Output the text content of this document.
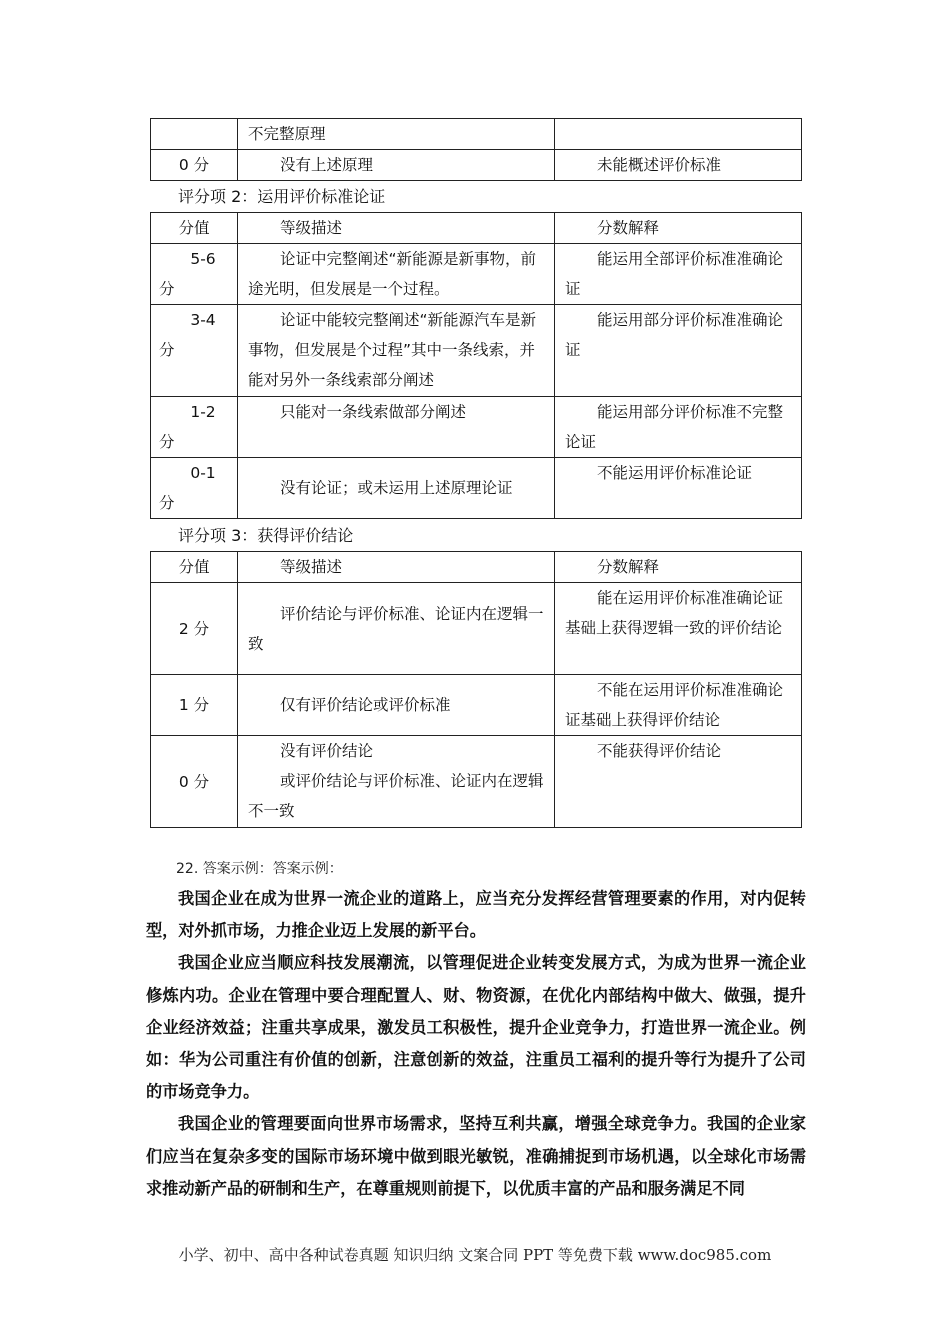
	不完整原理	
0 分	没有上述原理	未能概述评价标准
评分项 2：运用评价标准论证
分值	等级描述	分数解释

5-6
分	论证中完整阐述“新能源是新事物，前途光明，但发展是一个过程。	能运用全部评价标准准确论证

3-4
分	论证中能较完整阐述“新能源汽车是新事物，但发展是个过程”其中一条线索，并能对另外一条线索部分阐述	能运用部分评价标准准确论证

1-2
分	只能对一条线索做部分阐述	能运用部分评价标准不完整论证

0-1
分	没有论证；或未运用上述原理论证	不能运用评价标准论证
评分项 3：获得评价结论
分值	等级描述	分数解释
2 分	评价结论与评价标准、论证内在逻辑一致	能在运用评价标准准确论证基础上获得逻辑一致的评价结论
1 分	仅有评价结论或评价标准	不能在运用评价标准准确论证基础上获得评价结论
0 分	没有评价结论
或评价结论与评价标准、论证内在逻辑不一致	不能获得评价结论
22. 答案示例：答案示例：

我国企业在成为世界一流企业的道路上，应当充分发挥经营管理要素的作用，对内促转型，对外抓市场，力推企业迈上发展的新平台。

我国企业应当顺应科技发展潮流，以管理促进企业转变发展方式，为成为世界一流企业修炼内功。企业在管理中要合理配置人、财、物资源，在优化内部结构中做大、做强，提升企业经济效益；注重共享成果，激发员工积极性，提升企业竞争力，打造世界一流企业。例如：华为公司重注有价值的创新，注意创新的效益，注重员工福利的提升等行为提升了公司的市场竞争力。

我国企业的管理要面向世界市场需求，坚持互利共赢，增强全球竞争力。我国的企业家们应当在复杂多变的国际市场环境中做到眼光敏锐，准确捕捉到市场机遇，以全球化市场需求推动新产品的研制和生产，在尊重规则前提下，以优质丰富的产品和服务满足不同

小学、初中、高中各种试卷真题 知识归纳 文案合同 PPT 等免费下载 www.doc985.com
